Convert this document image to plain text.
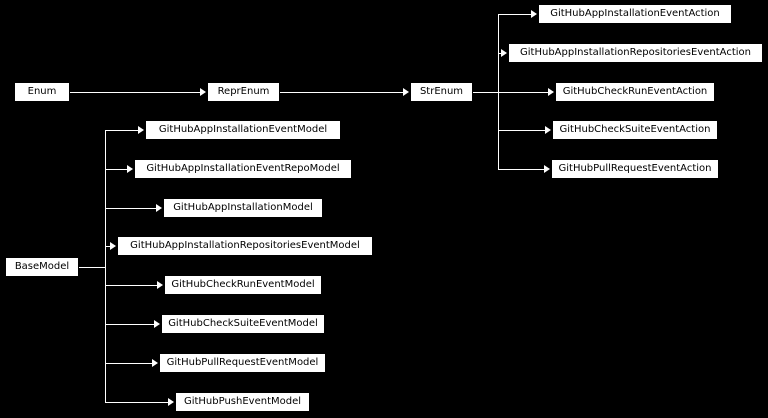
Enum
BaseModel
ReprEnum	StrEnum
GitHubAppInstallationEventAction
GitHubAppInstallationRepositoriesEventAction
GitHubCheckRunEventAction
GitHubCheckSuiteEventAction
GitHubPullRequestEventAction
GitHubAppInstallationEventModel
GitHubAppInstallationEventRepoModel
GitHubAppInstallationModel
GitHubAppInstallationRepositoriesEventModel
GitHubCheckRunEventModel
GitHubCheckSuiteEventModel
GitHubPullRequestEventModel
GitHubPushEventModel
